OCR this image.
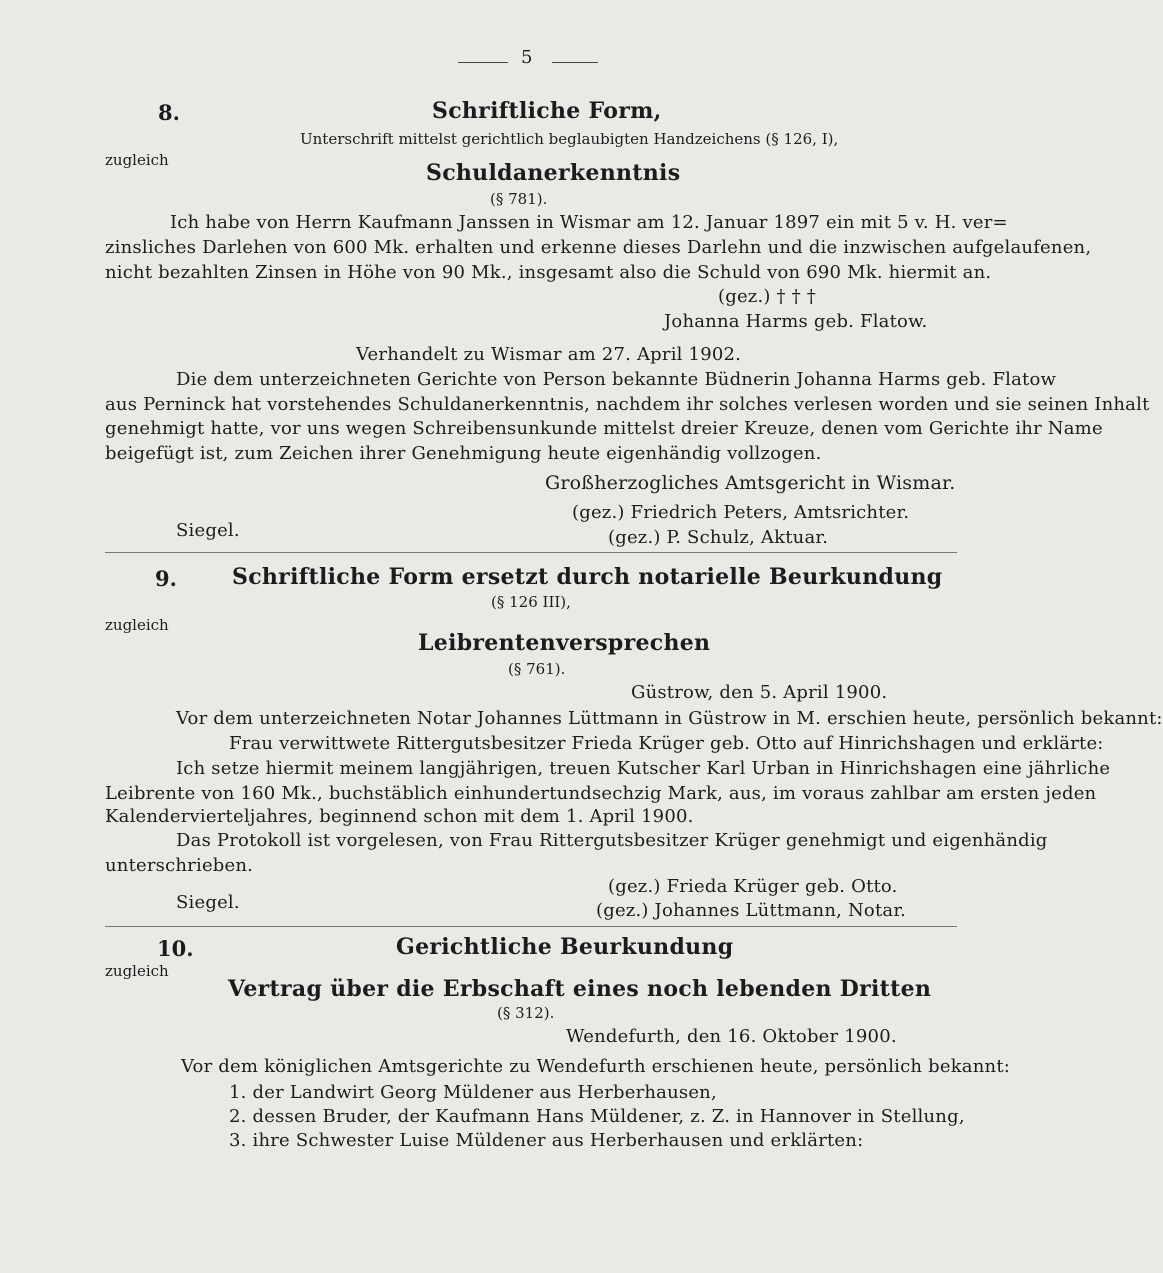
5
8.	Schriftliche Form,
Unterschrift mittelst gerichtlich beglaubigten Handzeichens (§ 126, I),
zugleich	Schuldanerkenntnis
(§ 781).
Ich habe von Herrn Kaufmann Janssen in Wismar am 12. Januar 1897 ein mit 5 v. H. ver=
zinsliches Darlehen von 600 Mk. erhalten und erkenne dieses Darlehn und die inzwischen aufgelaufenen,
nicht bezahlten Zinsen in Höhe von 90 Mk., insgesamt also die Schuld von 690 Mk. hiermit an.
(gez.) † † †
Johanna Harms geb. Flatow.
Verhandelt zu Wismar am 27. April 1902.
Die dem unterzeichneten Gerichte von Person bekannte Büdnerin Johanna Harms geb. Flatow
aus Perninck hat vorstehendes Schuldanerkenntnis, nachdem ihr solches verlesen worden und sie seinen Inhalt
genehmigt hatte, vor uns wegen Schreibensunkunde mittelst dreier Kreuze, denen vom Gerichte ihr Name
beigefügt ist, zum Zeichen ihrer Genehmigung heute eigenhändig vollzogen.
Großherzogliches Amtsgericht in Wismar.
(gez.) Friedrich Peters, Amtsrichter.
Siegel.	(gez.) P. Schulz, Aktuar.
9.	Schriftliche Form ersetzt durch notarielle Beurkundung
(§ 126 III),
zugleich
Leibrentenversprechen
(§ 761).
Güstrow, den 5. April 1900.
Vor dem unterzeichneten Notar Johannes Lüttmann in Güstrow in M. erschien heute, persönlich bekannt:
Frau verwittwete Rittergutsbesitzer Frieda Krüger geb. Otto auf Hinrichshagen und erklärte:
Ich setze hiermit meinem langjährigen, treuen Kutscher Karl Urban in Hinrichshagen eine jährliche
Leibrente von 160 Mk., buchstäblich einhundertundsechzig Mark, aus, im voraus zahlbar am ersten jeden
Kalendervierteljahres, beginnend schon mit dem 1. April 1900.
Das Protokoll ist vorgelesen, von Frau Rittergutsbesitzer Krüger genehmigt und eigenhändig
unterschrieben.
(gez.) Frieda Krüger geb. Otto.
Siegel.	(gez.) Johannes Lüttmann, Notar.
10.	Gerichtliche Beurkundung
zugleich
Vertrag über die Erbschaft eines noch lebenden Dritten
(§ 312).
Wendefurth, den 16. Oktober 1900.
Vor dem königlichen Amtsgerichte zu Wendefurth erschienen heute, persönlich bekannt:
1. der Landwirt Georg Müldener aus Herberhausen,
2. dessen Bruder, der Kaufmann Hans Müldener, z. Z. in Hannover in Stellung,
3. ihre Schwester Luise Müldener aus Herberhausen und erklärten:
